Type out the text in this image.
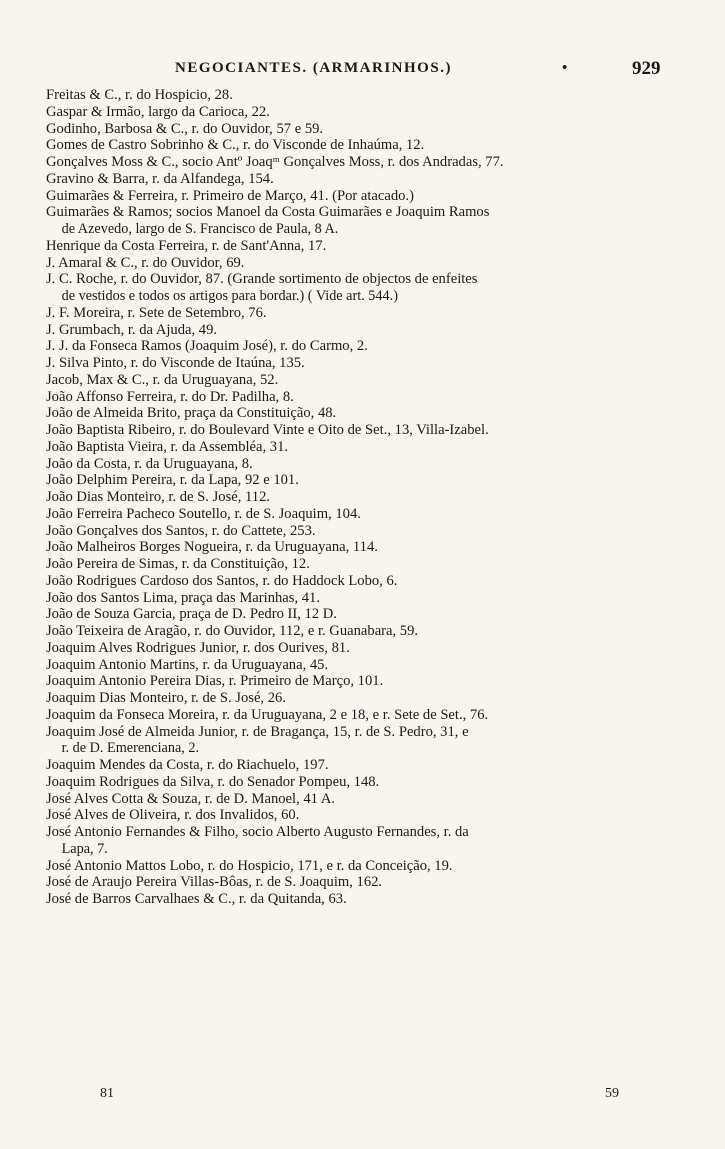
NEGOCIANTES. (ARMARINHOS.)	•	929
Freitas & C., r. do Hospicio, 28.
Gaspar & Irmão, largo da Carioca, 22.
Godinho, Barbosa & C., r. do Ouvidor, 57 e 59.
Gomes de Castro Sobrinho & C., r. do Visconde de Inhaúma, 12.
Gonçalves Moss & C., socio Antº Joaqᵐ Gonçalves Moss, r. dos Andradas, 77.
Gravino & Barra, r. da Alfandega, 154.
Guimarães & Ferreira, r. Primeiro de Março, 41. (Por atacado.)
Guimarães & Ramos; socios Manoel da Costa Guimarães e Joaquim Ramos
de Azevedo, largo de S. Francisco de Paula, 8 A.
Henrique da Costa Ferreira, r. de Sant'Anna, 17.
J. Amaral & C., r. do Ouvidor, 69.
J. C. Roche, r. do Ouvidor, 87. (Grande sortimento de objectos de enfeites
de vestidos e todos os artigos para bordar.) ( Vide art. 544.)
J. F. Moreira, r. Sete de Setembro, 76.
J. Grumbach, r. da Ajuda, 49.
J. J. da Fonseca Ramos (Joaquim José), r. do Carmo, 2.
J. Silva Pinto, r. do Visconde de Itaúna, 135.
Jacob, Max & C., r. da Uruguayana, 52.
João Affonso Ferreira, r. do Dr. Padilha, 8.
João de Almeida Brito, praça da Constituição, 48.
João Baptista Ribeiro, r. do Boulevard Vinte e Oito de Set., 13, Villa-Izabel.
João Baptista Vieira, r. da Assembléa, 31.
João da Costa, r. da Uruguayana, 8.
João Delphim Pereira, r. da Lapa, 92 e 101.
João Dias Monteiro, r. de S. José, 112.
João Ferreira Pacheco Soutello, r. de S. Joaquim, 104.
João Gonçalves dos Santos, r. do Cattete, 253.
João Malheiros Borges Nogueira, r. da Uruguayana, 114.
João Pereira de Simas, r. da Constituição, 12.
João Rodrigues Cardoso dos Santos, r. do Haddock Lobo, 6.
João dos Santos Lima, praça das Marinhas, 41.
João de Souza Garcia, praça de D. Pedro II, 12 D.
João Teixeira de Aragão, r. do Ouvidor, 112, e r. Guanabara, 59.
Joaquim Alves Rodrigues Junior, r. dos Ourives, 81.
Joaquim Antonio Martins, r. da Uruguayana, 45.
Joaquim Antonio Pereira Dias, r. Primeiro de Março, 101.
Joaquim Dias Monteiro, r. de S. José, 26.
Joaquim da Fonseca Moreira, r. da Uruguayana, 2 e 18, e r. Sete de Set., 76.
Joaquim José de Almeida Junior, r. de Bragança, 15, r. de S. Pedro, 31, e
r. de D. Emerenciana, 2.
Joaquim Mendes da Costa, r. do Riachuelo, 197.
Joaquim Rodrigues da Silva, r. do Senador Pompeu, 148.
José Alves Cotta & Souza, r. de D. Manoel, 41 A.
José Alves de Oliveira, r. dos Invalidos, 60.
José Antonio Fernandes & Filho, socio Alberto Augusto Fernandes, r. da
Lapa, 7.
José Antonio Mattos Lobo, r. do Hospicio, 171, e r. da Conceição, 19.
José de Araujo Pereira Villas-Bôas, r. de S. Joaquim, 162.
José de Barros Carvalhaes & C., r. da Quitanda, 63.
81	59
